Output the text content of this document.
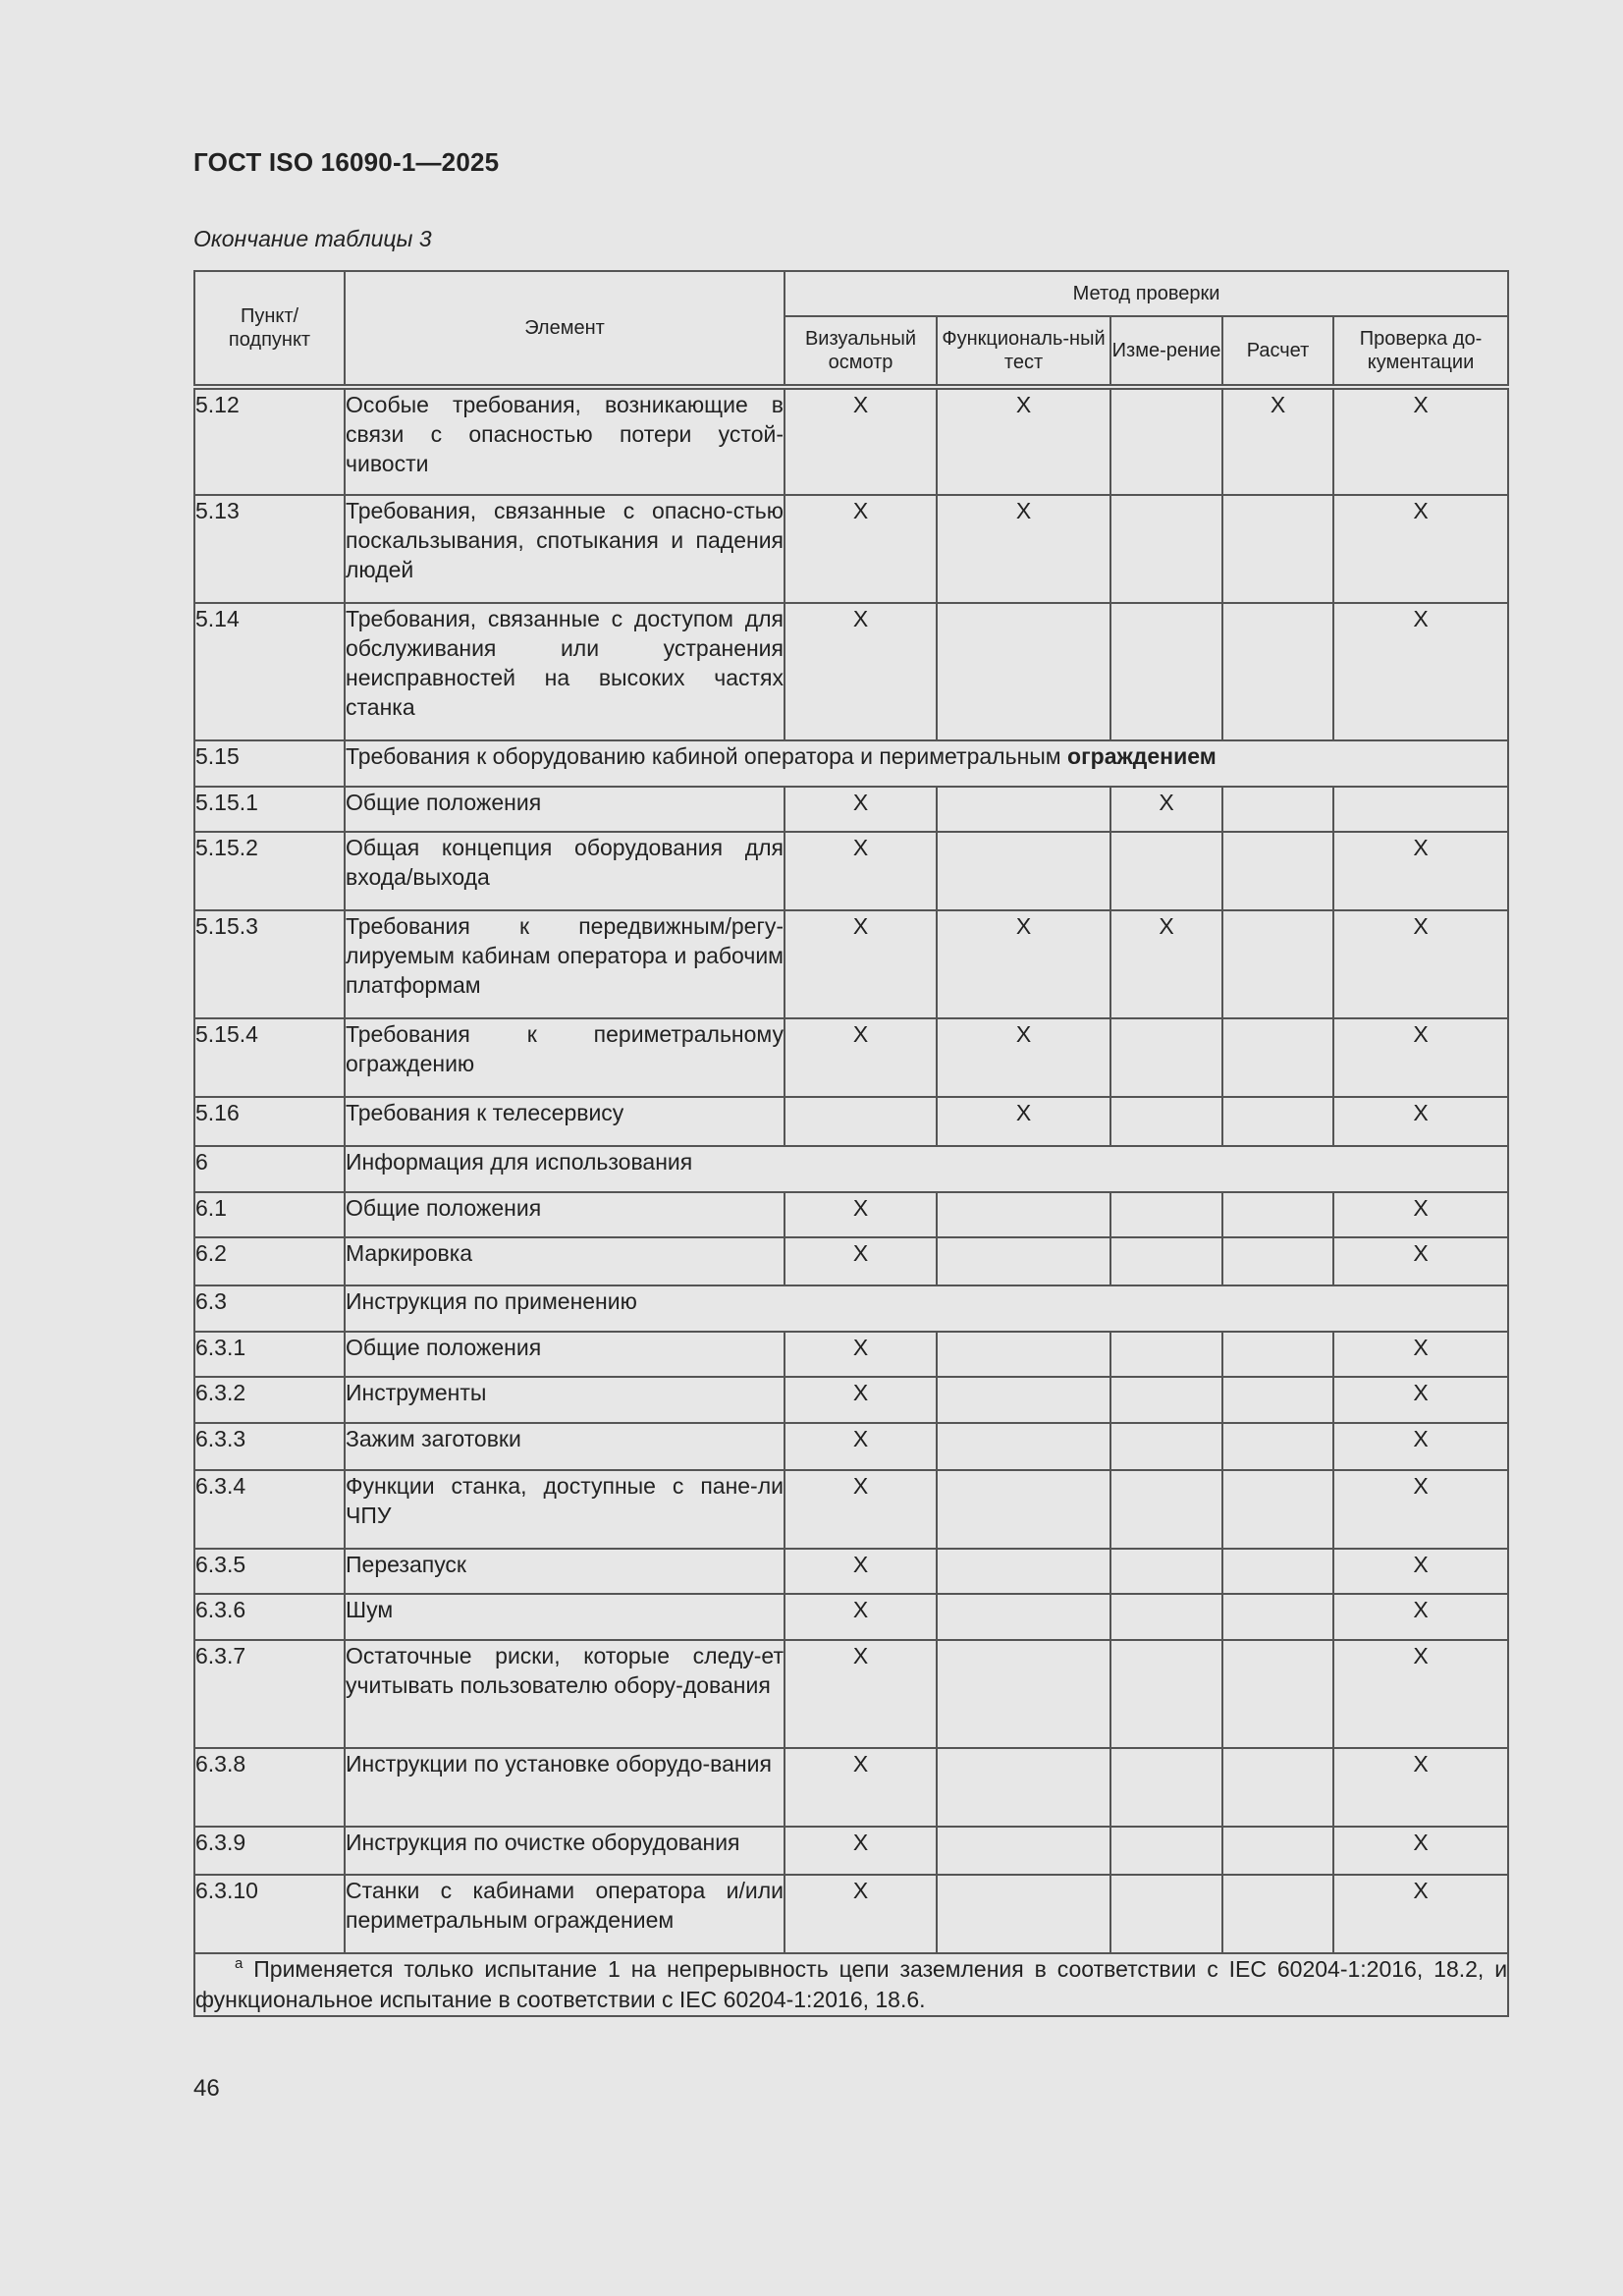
ГОСТ ISO 16090-1—2025
Окончание таблицы 3
Пункт/
подпункт	Элемент	Метод проверки				
		Визуальный осмотр	Функциональ-ный тест	Изме-рение	Расчет	Проверка до-кументации
5.12	Особые требования, возникающие в связи с опасностью потери устой-чивости	X	X		X	X
5.13	Требования, связанные с опасно-стью поскальзывания, спотыкания и падения людей	X	X			X
5.14	Требования, связанные с доступом для обслуживания или устранения неисправностей на высоких частях станка	X				X
5.15	Требования к оборудованию кабиной оператора и периметральным ограждением					
5.15.1	Общие положения	X		X		
5.15.2	Общая концепция оборудования для входа/выхода	X				X
5.15.3	Требования к передвижным/регу-лируемым кабинам оператора и рабочим платформам	X	X	X		X
5.15.4	Требования к периметральному ограждению	X	X			X
5.16	Требования к телесервису		X			X
6	Информация для использования					
6.1	Общие положения	X				X
6.2	Маркировка	X				X
6.3	Инструкция по применению					
6.3.1	Общие положения	X				X
6.3.2	Инструменты	X				X
6.3.3	Зажим заготовки	X				X
6.3.4	Функции станка, доступные с пане-ли ЧПУ	X				X
6.3.5	Перезапуск	X				X
6.3.6	Шум	X				X
6.3.7	Остаточные риски, которые следу-ет учитывать пользователю обору-дования	X				X
6.3.8	Инструкции по установке оборудо-вания	X				X
6.3.9	Инструкция по очистке оборудования	X				X
6.3.10	Станки с кабинами оператора и/или периметральным ограждением	X				X
$^a$ Применяется только испытание 1 на непрерывность цепи заземления в соответствии с IEC 60204-1:2016, 18.2, и функциональное испытание в соответствии с IEC 60204-1:2016, 18.6.						
46
